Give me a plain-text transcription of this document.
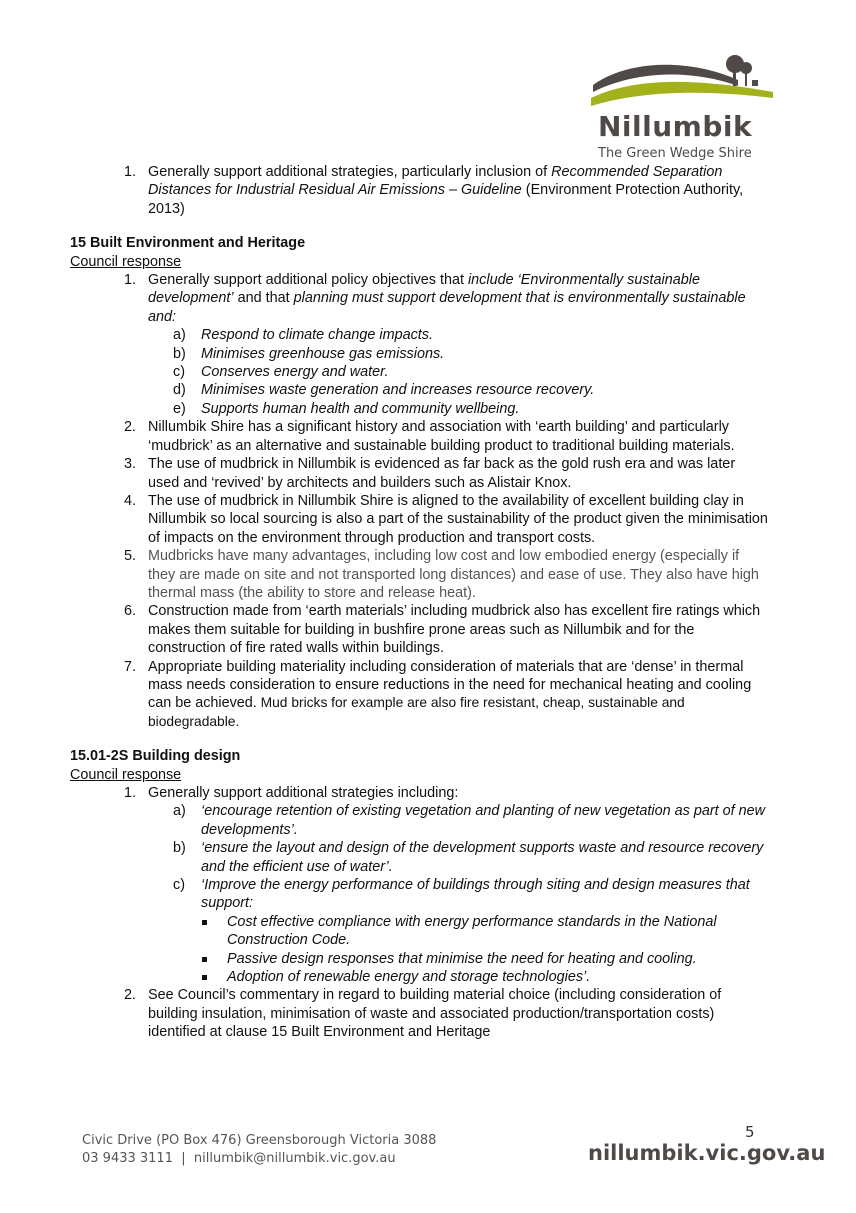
Nillumbik
The Green Wedge Shire
1. Generally support additional strategies, particularly inclusion of Recommended Separation Distances for Industrial Residual Air Emissions – Guideline (Environment Protection Authority, 2013)
15 Built Environment and Heritage
Council response
1. Generally support additional policy objectives that include ‘Environmentally sustainable development’ and that planning must support development that is environmentally sustainable and:
a) Respond to climate change impacts.
b) Minimises greenhouse gas emissions.
c) Conserves energy and water.
d) Minimises waste generation and increases resource recovery.
e) Supports human health and community wellbeing.
2. Nillumbik Shire has a significant history and association with ‘earth building’ and particularly ‘mudbrick’ as an alternative and sustainable building product to traditional building materials.
3. The use of mudbrick in Nillumbik is evidenced as far back as the gold rush era and was later used and ‘revived’ by architects and builders such as Alistair Knox.
4. The use of mudbrick in Nillumbik Shire is aligned to the availability of excellent building clay in Nillumbik so local sourcing is also a part of the sustainability of the product given the minimisation of impacts on the environment through production and transport costs.
5. Mudbricks have many advantages, including low cost and low embodied energy (especially if they are made on site and not transported long distances) and ease of use. They also have high thermal mass (the ability to store and release heat).
6. Construction made from ‘earth materials’ including mudbrick also has excellent fire ratings which makes them suitable for building in bushfire prone areas such as Nillumbik and for the construction of fire rated walls within buildings.
7. Appropriate building materiality including consideration of materials that are ‘dense’ in thermal mass needs consideration to ensure reductions in the need for mechanical heating and cooling can be achieved. Mud bricks for example are also fire resistant, cheap, sustainable and biodegradable.
15.01-2S Building design
Council response
1. Generally support additional strategies including:
a) ‘encourage retention of existing vegetation and planting of new vegetation as part of new developments’.
b) ‘ensure the layout and design of the development supports waste and resource recovery and the efficient use of water’.
c) ‘Improve the energy performance of buildings through siting and design measures that support:
Cost effective compliance with energy performance standards in the National Construction Code.
Passive design responses that minimise the need for heating and cooling.
Adoption of renewable energy and storage technologies’.
2. See Council’s commentary in regard to building material choice (including consideration of building insulation, minimisation of waste and associated production/transportation costs) identified at clause 15 Built Environment and Heritage
5
Civic Drive (PO Box 476) Greensborough Victoria 3088
03 9433 3111  |  nillumbik@nillumbik.vic.gov.au	nillumbik.vic.gov.au
